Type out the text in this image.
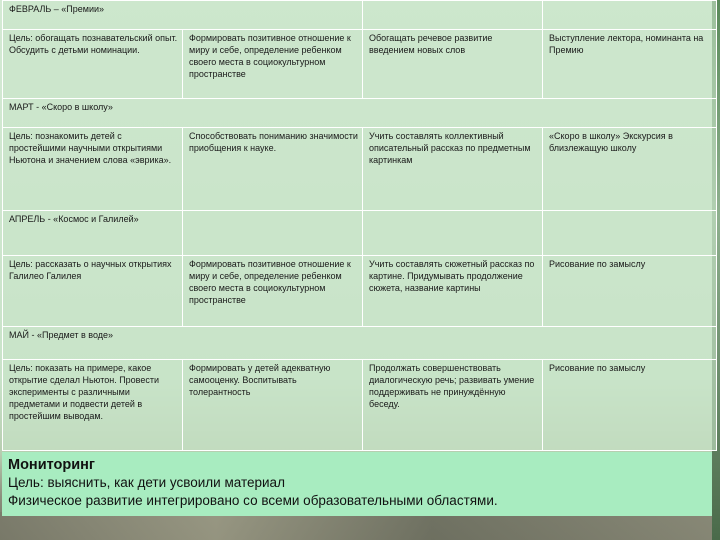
ФЕВРАЛЬ – «Премии»			
Цель: обогащать познавательский опыт. Обсудить с детьми номинации.	Формировать позитивное отношение к миру и себе, определение ребенком своего места в социокультурном пространстве	Обогащать речевое развитие введением новых слов	Выступление лектора, номинанта на Премию
МАРТ - «Скоро в школу»			
Цель: познакомить детей с простейшими научными открытиями Ньютона и значением слова «эврика».	Способствовать пониманию значимости приобщения к науке.	Учить составлять коллективный описательный рассказ по предметным картинкам	«Скоро в школу» Экскурсия в близлежащую школу
АПРЕЛЬ - «Космос и Галилей»			
Цель: рассказать о научных открытиях Галилео Галилея	Формировать позитивное отношение к миру и себе, определение ребенком своего места в социокультурном пространстве	Учить составлять сюжетный рассказ по картине. Придумывать продолжение сюжета, название картины	Рисование по замыслу
МАЙ - «Предмет в воде»			
Цель: показать на примере, какое открытие сделал Ньютон. Провести эксперименты с различными предметами и подвести детей в простейшим выводам.	Формировать у детей адекватную самооценку. Воспитывать толерантность	Продолжать совершенствовать диалогическую речь; развивать умение поддерживать не принуждённую беседу.	Рисование по замыслу
Мониторинг
Цель: выяснить, как дети усвоили материал
Физическое развитие интегрировано со всеми образовательными областями.
